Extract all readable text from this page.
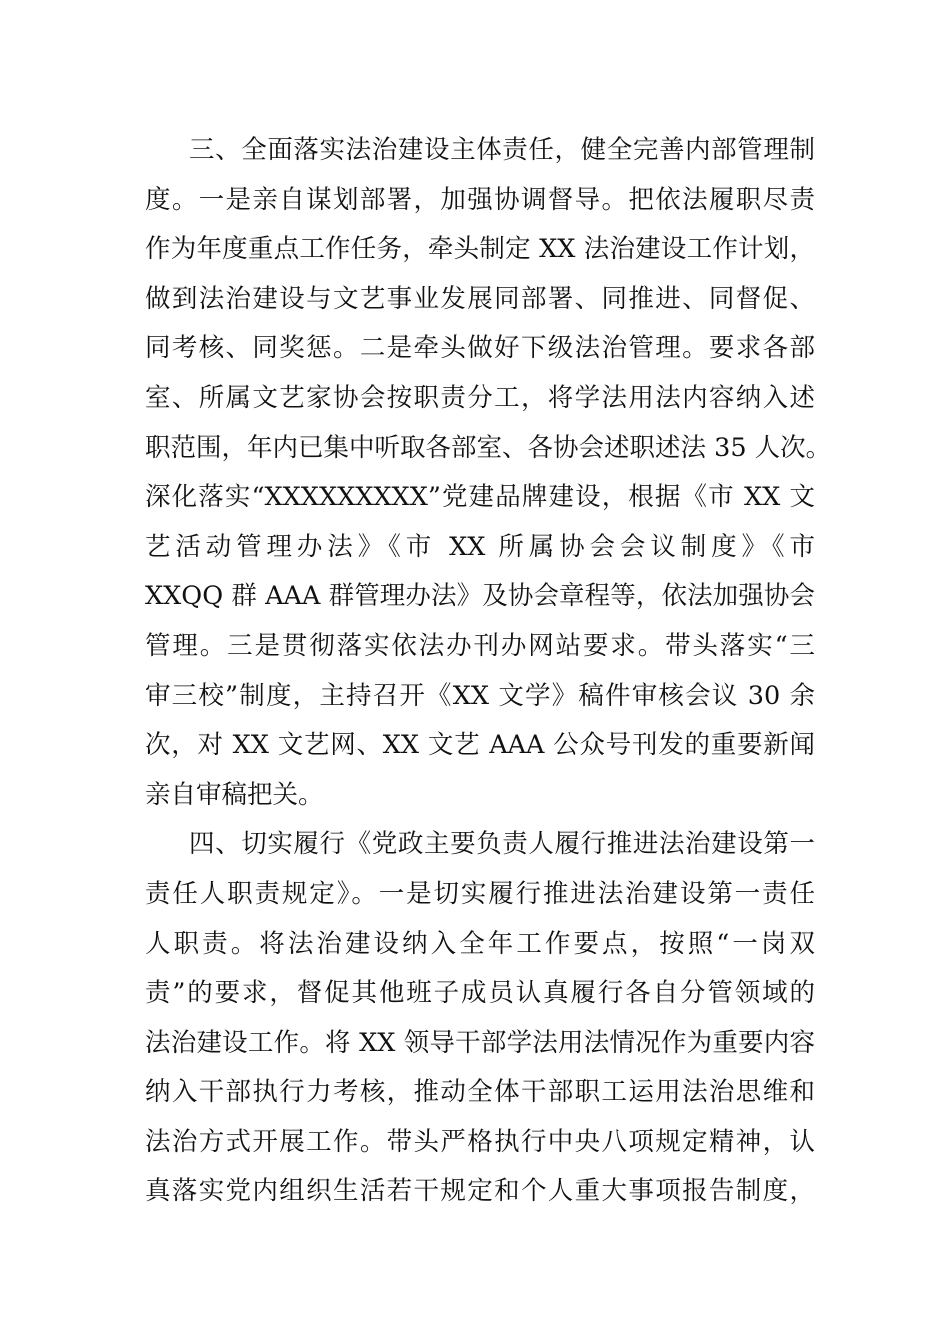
三、全面落实法治建设主体责任，健全完善内部管理制
度。一是亲自谋划部署，加强协调督导。把依法履职尽责
作为年度重点工作任务，牵头制定 XX 法治建设工作计划，
做到法治建设与文艺事业发展同部署、同推进、同督促、
同考核、同奖惩。二是牵头做好下级法治管理。要求各部
室、所属文艺家协会按职责分工，将学法用法内容纳入述
职范围，年内已集中听取各部室、各协会述职述法 35 人次。
深化落实“XXXXXXXXX”党建品牌建设，根据《市 XX 文
艺活动管理办法》《市 XX 所属协会会议制度》《市
XXQQ 群 AAA 群管理办法》及协会章程等，依法加强协会
管理。三是贯彻落实依法办刊办网站要求。带头落实“三
审三校”制度，主持召开《XX 文学》稿件审核会议 30 余
次，对 XX 文艺网、XX 文艺 AAA 公众号刊发的重要新闻
亲自审稿把关。
四、切实履行《党政主要负责人履行推进法治建设第一
责任人职责规定》。一是切实履行推进法治建设第一责任
人职责。将法治建设纳入全年工作要点，按照“一岗双
责”的要求，督促其他班子成员认真履行各自分管领域的
法治建设工作。将 XX 领导干部学法用法情况作为重要内容
纳入干部执行力考核，推动全体干部职工运用法治思维和
法治方式开展工作。带头严格执行中央八项规定精神，认
真落实党内组织生活若干规定和个人重大事项报告制度，
